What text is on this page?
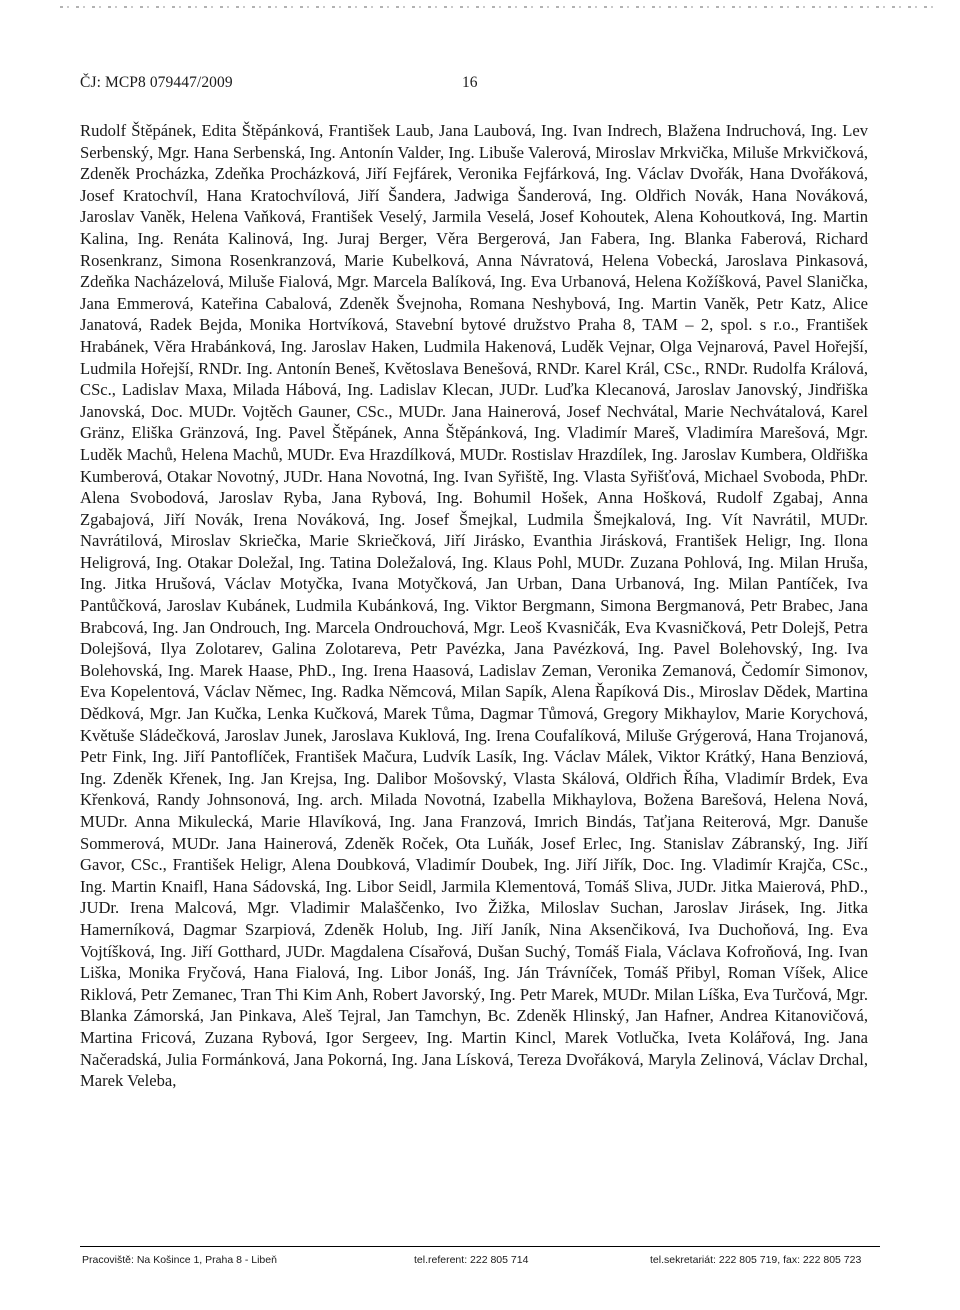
ČJ: MCP8 079447/2009	16

Rudolf Štěpánek, Edita Štěpánková, František Laub, Jana Laubová, Ing. Ivan Indrech, Blažena Indruchová, Ing. Lev Serbenský, Mgr. Hana Serbenská, Ing. Antonín Valder, Ing. Libuše Valerová, Miroslav Mrkvička, Miluše Mrkvičková, Zdeněk Procházka, Zdeňka Procházková, Jiří Fejfárek, Veronika Fejfárková, Ing. Václav Dvořák, Hana Dvořáková, Josef Kratochvíl, Hana Kratochvílová, Jiří Šandera, Jadwiga Šanderová, Ing. Oldřich Novák, Hana Nováková, Jaroslav Vaněk, Helena Vaňková, František Veselý, Jarmila Veselá, Josef Kohoutek, Alena Kohoutková, Ing. Martin Kalina, Ing. Renáta Kalinová, Ing. Juraj Berger, Věra Bergerová, Jan Fabera, Ing. Blanka Faberová, Richard Rosenkranz, Simona Rosenkranzová, Marie Kubelková, Anna Návratová, Helena Vobecká, Jaroslava Pinkasová, Zdeňka Nacházelová, Miluše Fialová, Mgr. Marcela Balíková, Ing. Eva Urbanová, Helena Kožíšková, Pavel Slanička, Jana Emmerová, Kateřina Cabalová, Zdeněk Švejnoha, Romana Neshybová, Ing. Martin Vaněk, Petr Katz, Alice Janatová, Radek Bejda, Monika Hortvíková, Stavební bytové družstvo Praha 8, TAM – 2, spol. s r.o., František Hrabánek, Věra Hrabánková, Ing. Jaroslav Haken, Ludmila Hakenová, Luděk Vejnar, Olga Vejnarová, Pavel Hořejší, Ludmila Hořejší, RNDr. Ing. Antonín Beneš, Květoslava Benešová, RNDr. Karel Král, CSc., RNDr. Rudolfa Králová, CSc., Ladislav Maxa, Milada Hábová, Ing. Ladislav Klecan, JUDr. Luďka Klecanová, Jaroslav Janovský, Jindřiška Janovská, Doc. MUDr. Vojtěch Gauner, CSc., MUDr. Jana Hainerová, Josef Nechvátal, Marie Nechvátalová, Karel Gränz, Eliška Gränzová, Ing. Pavel Štěpánek, Anna Štěpánková, Ing. Vladimír Mareš, Vladimíra Marešová, Mgr. Luděk Machů, Helena Machů, MUDr. Eva Hrazdílková, MUDr. Rostislav Hrazdílek, Ing. Jaroslav Kumbera, Oldřiška Kumberová, Otakar Novotný, JUDr. Hana Novotná, Ing. Ivan Syřiště, Ing. Vlasta Syřišťová, Michael Svoboda, PhDr. Alena Svobodová, Jaroslav Ryba, Jana Rybová, Ing. Bohumil Hošek, Anna Hošková, Rudolf Zgabaj, Anna Zgabajová, Jiří Novák, Irena Nováková, Ing. Josef Šmejkal, Ludmila Šmejkalová, Ing. Vít Navrátil, MUDr. Navrátilová, Miroslav Skriečka, Marie Skriečková, Jiří Jirásko, Evanthia Jirásková, František Heligr, Ing. Ilona Heligrová, Ing. Otakar Doležal, Ing. Tatina Doležalová, Ing. Klaus Pohl, MUDr. Zuzana Pohlová, Ing. Milan Hruša, Ing. Jitka Hrušová, Václav Motyčka, Ivana Motyčková, Jan Urban, Dana Urbanová, Ing. Milan Pantíček, Iva Pantůčková, Jaroslav Kubánek, Ludmila Kubánková, Ing. Viktor Bergmann, Simona Bergmanová, Petr Brabec, Jana Brabcová, Ing. Jan Ondrouch, Ing. Marcela Ondrouchová, Mgr. Leoš Kvasničák, Eva Kvasničková, Petr Dolejš, Petra Dolejšová, Ilya Zolotarev, Galina Zolotareva, Petr Pavézka, Jana Pavézková, Ing. Pavel Bolehovský, Ing. Iva Bolehovská, Ing. Marek Haase, PhD., Ing. Irena Haasová, Ladislav Zeman, Veronika Zemanová, Čedomír Simonov, Eva Kopelentová, Václav Němec, Ing. Radka Němcová, Milan Sapík, Alena Řapíková Dis., Miroslav Dědek, Martina Dědková, Mgr. Jan Kučka, Lenka Kučková, Marek Tůma, Dagmar Tůmová, Gregory Mikhaylov, Marie Korychová, Květuše Sládečková, Jaroslav Junek, Jaroslava Kuklová, Ing. Irena Coufalíková, Miluše Grýgerová, Hana Trojanová, Petr Fink, Ing. Jiří Pantoflíček, František Mačura, Ludvík Lasík, Ing. Václav Málek, Viktor Krátký, Hana Benziová, Ing. Zdeněk Křenek, Ing. Jan Krejsa, Ing. Dalibor Mošovský, Vlasta Skálová, Oldřich Říha, Vladimír Brdek, Eva Křenková, Randy Johnsonová, Ing. arch. Milada Novotná, Izabella Mikhaylova, Božena Barešová, Helena Nová, MUDr. Anna Mikulecká, Marie Hlavíková, Ing. Jana Franzová, Imrich Bindás, Taťjana Reiterová, Mgr. Danuše Sommerová, MUDr. Jana Hainerová, Zdeněk Roček, Ota Luňák, Josef Erlec, Ing. Stanislav Zábranský, Ing. Jiří Gavor, CSc., František Heligr, Alena Doubková, Vladimír Doubek, Ing. Jiří Jiřík, Doc. Ing. Vladimír Krajča, CSc., Ing. Martin Knaifl, Hana Sádovská, Ing. Libor Seidl, Jarmila Klementová, Tomáš Sliva, JUDr. Jitka Maierová, PhD., JUDr. Irena Malcová, Mgr. Vladimir Malaščenko, Ivo Žižka, Miloslav Suchan, Jaroslav Jirásek, Ing. Jitka Hamerníková, Dagmar Szarpiová, Zdeněk Holub, Ing. Jiří Janík, Nina Aksenčiková, Iva Duchoňová, Ing. Eva Vojtíšková, Ing. Jiří Gotthard, JUDr. Magdalena Císařová, Dušan Suchý, Tomáš Fiala, Václava Kofroňová, Ing. Ivan Liška, Monika Fryčová, Hana Fialová, Ing. Libor Jonáš, Ing. Ján Trávníček, Tomáš Přibyl, Roman Víšek, Alice Riklová, Petr Zemanec, Tran Thi Kim Anh, Robert Javorský, Ing. Petr Marek, MUDr. Milan Líška, Eva Turčová, Mgr. Blanka Zámorská, Jan Pinkava, Aleš Tejral, Jan Tamchyn, Bc. Zdeněk Hlinský, Jan Hafner, Andrea Kitanovičová, Martina Fricová, Zuzana Rybová, Igor Sergeev, Ing. Martin Kincl, Marek Votlučka, Iveta Kolářová, Ing. Jana Načeradská, Julia Formánková, Jana Pokorná, Ing. Jana Lísková, Tereza Dvořáková, Maryla Zelinová, Václav Drchal, Marek Veleba,

Pracoviště: Na Košince 1, Praha 8 - Libeň	tel.referent: 222 805 714	tel.sekretariát: 222 805 719, fax: 222 805 723
